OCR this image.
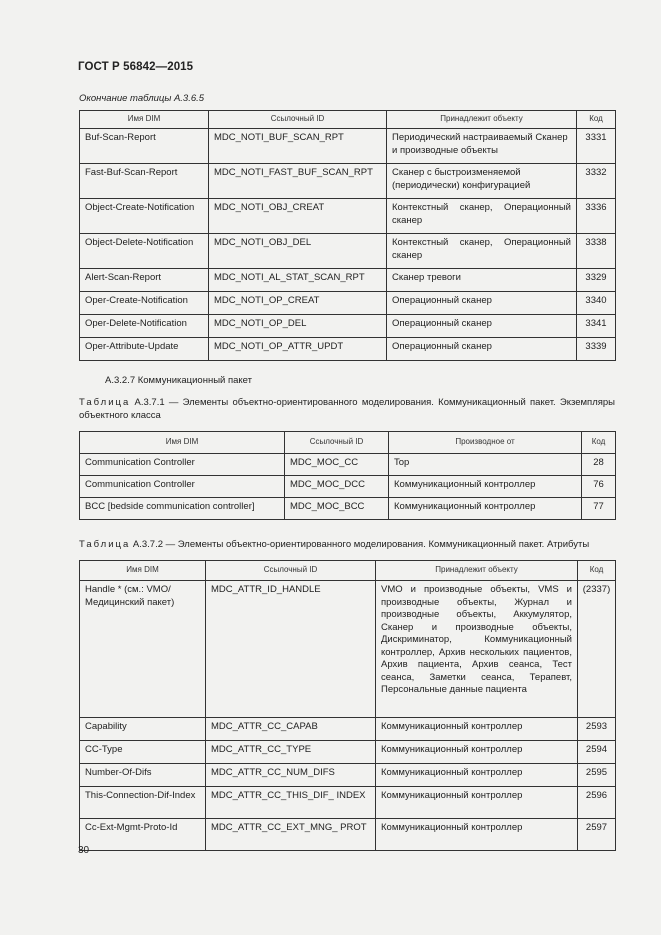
ГОСТ Р 56842—2015
Окончание таблицы А.3.6.5
Имя DIM	Ссылочный ID	Принадлежит объекту	Код
Buf-Scan-Report	MDC_NOTI_BUF_SCAN_RPT	Периодический настраиваемый Сканер и производные объекты	3331
Fast-Buf-Scan-Report	MDC_NOTI_FAST_BUF_SCAN_RPT	Сканер с быстроизменяемой (периодически) конфигурацией	3332
Object-Create-Notification	MDC_NOTI_OBJ_CREAT	Контекстный сканер, Операционный сканер	3336
Object-Delete-Notification	MDC_NOTI_OBJ_DEL	Контекстный сканер, Операционный сканер	3338
Alert-Scan-Report	MDC_NOTI_AL_STAT_SCAN_RPT	Сканер тревоги	3329
Oper-Create-Notification	MDC_NOTI_OP_CREAT	Операционный сканер	3340
Oper-Delete-Notification	MDC_NOTI_OP_DEL	Операционный сканер	3341
Oper-Attribute-Update	MDC_NOTI_OP_ATTR_UPDT	Операционный сканер	3339
А.3.2.7 Коммуникационный пакет
Таблица А.3.7.1 — Элементы объектно-ориентированного моделирования. Коммуникационный пакет. Экземпляры объектного класса
Имя DIM	Ссылочный ID	Производное от	Код
Communication Controller	MDC_MOC_CC	Top	28
Communication Controller	MDC_MOC_DCC	Коммуникационный контроллер	76
BCC [bedside communication controller]	MDC_MOC_BCC	Коммуникационный контроллер	77
Таблица А.3.7.2 — Элементы объектно-ориентированного моделирования. Коммуникационный пакет. Атрибуты
Имя DIM	Ссылочный ID	Принадлежит объекту	Код
Handle * (см.: VMO/ Медицинский пакет)	MDC_ATTR_ID_HANDLE	VMO и производные объекты, VMS и производные объекты, Журнал и производные объекты, Аккумулятор, Сканер и производные объекты, Дискриминатор, Коммуникационный контроллер, Архив нескольких пациентов, Архив пациента, Архив сеанса, Тест сеанса, Заметки сеанса, Терапевт, Персональные данные пациента	(2337)
Capability	MDC_ATTR_CC_CAPAB	Коммуникационный контроллер	2593
CC-Type	MDC_ATTR_CC_TYPE	Коммуникационный контроллер	2594
Number-Of-Difs	MDC_ATTR_CC_NUM_DIFS	Коммуникационный контроллер	2595
This-Connection-Dif-Index	MDC_ATTR_CC_THIS_DIF_ INDEX	Коммуникационный контроллер	2596
Cc-Ext-Mgmt-Proto-Id	MDC_ATTR_CC_EXT_MNG_ PROT	Коммуникационный контроллер	2597
30
